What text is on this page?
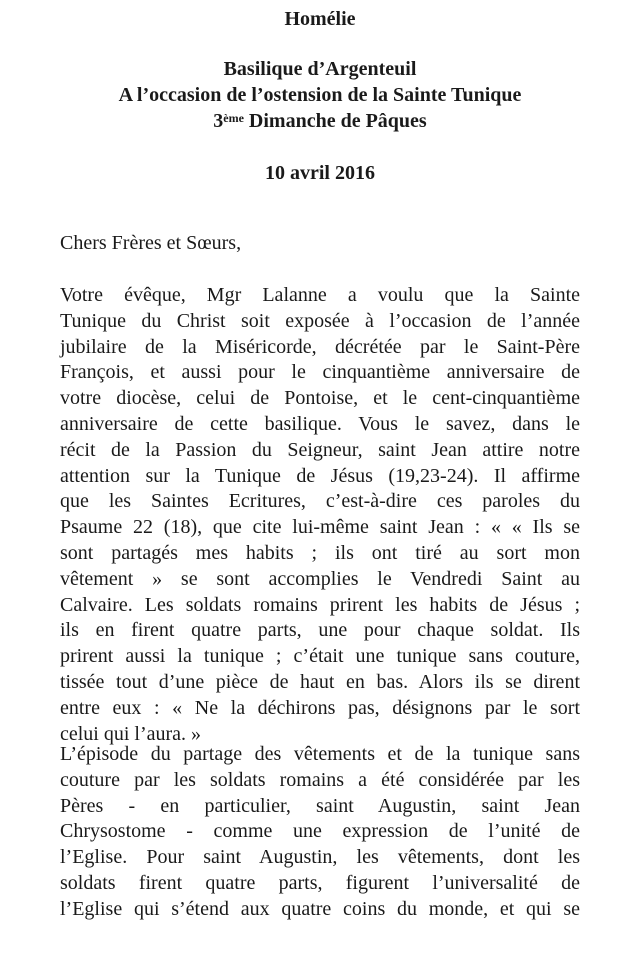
Homélie

Basilique d’Argenteuil

A l’occasion de l’ostension de la Sainte Tunique

3ème Dimanche de Pâques

10 avril 2016

Chers Frères et Sœurs,

Votre évêque, Mgr Lalanne a voulu que la Sainte
Tunique du Christ soit exposée à l’occasion de l’année
jubilaire de la Miséricorde, décrétée par le Saint-Père
François, et aussi pour le cinquantième anniversaire de
votre diocèse, celui de Pontoise, et le cent-cinquantième
anniversaire de cette basilique. Vous le savez, dans le
récit de la Passion du Seigneur, saint Jean attire notre
attention sur la Tunique de Jésus (19,23-24). Il affirme
que les Saintes Ecritures, c’est-à-dire ces paroles du
Psaume 22 (18), que cite lui-même saint Jean : « « Ils se
sont partagés mes habits ; ils ont tiré au sort mon
vêtement » se sont accomplies le Vendredi Saint au
Calvaire. Les soldats romains prirent les habits de Jésus ;
ils en firent quatre parts, une pour chaque soldat. Ils
prirent aussi la tunique ; c’était une tunique sans couture,
tissée tout d’une pièce de haut en bas. Alors ils se dirent
entre eux : « Ne la déchirons pas, désignons par le sort
celui qui l’aura. »
L’épisode du partage des vêtements et de la tunique sans
couture par les soldats romains a été considérée par les
Pères - en particulier, saint Augustin, saint Jean
Chrysostome - comme une expression de l’unité de
l’Eglise. Pour saint Augustin, les vêtements, dont les
soldats firent quatre parts, figurent l’universalité de
l’Eglise qui s’étend aux quatre coins du monde, et qui se
